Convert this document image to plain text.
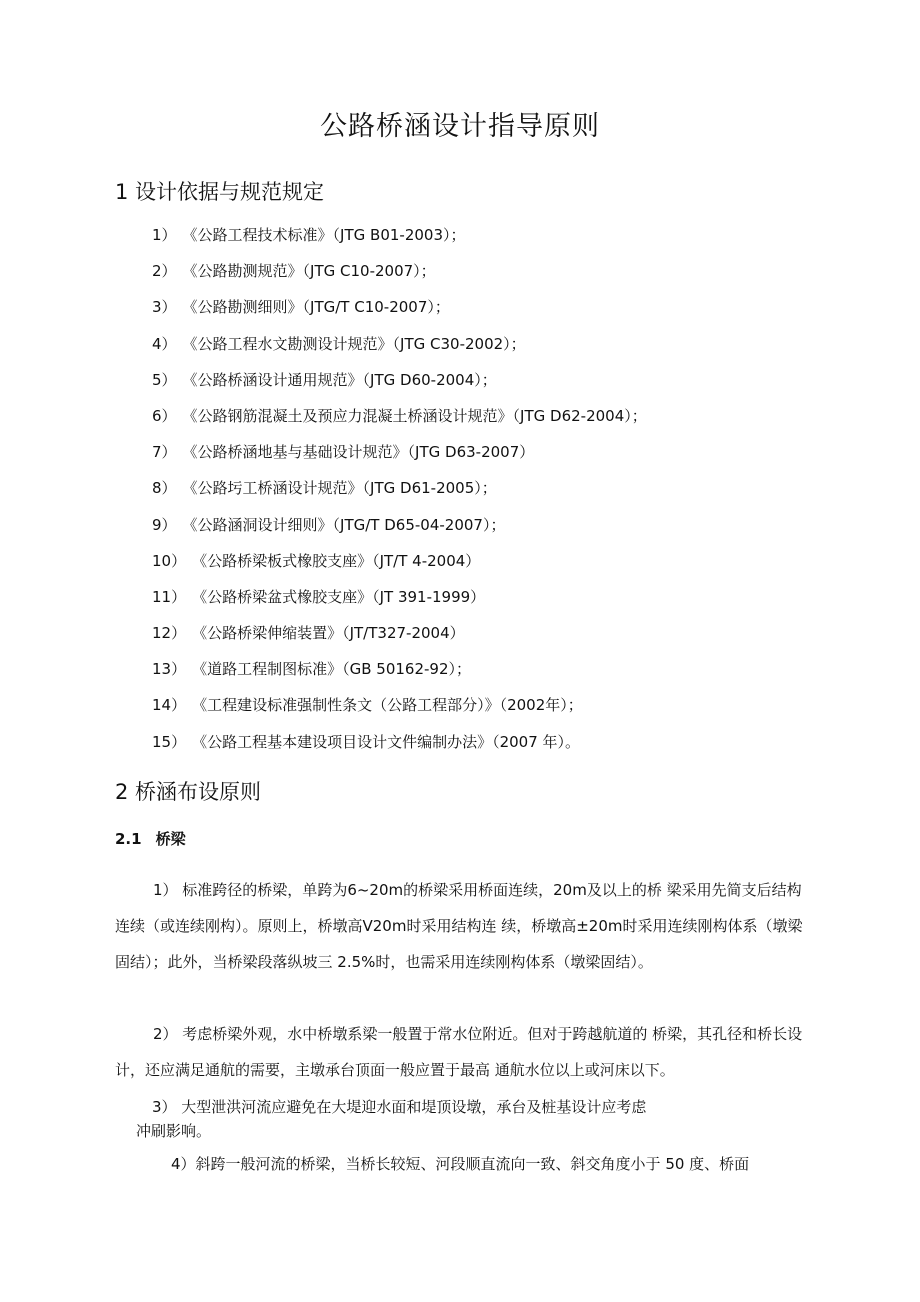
公路桥涵设计指导原则
1 设计依据与规范规定
1） 《公路工程技术标准》（JTG B01-2003）；
2） 《公路勘测规范》（JTG C10-2007）；
3） 《公路勘测细则》（JTG/T C10-2007）；
4） 《公路工程水文勘测设计规范》（JTG C30-2002）；
5） 《公路桥涵设计通用规范》（JTG D60-2004）；
6） 《公路钢筋混凝土及预应力混凝土桥涵设计规范》（JTG D62-2004）；
7） 《公路桥涵地基与基础设计规范》（JTG D63-2007）
8） 《公路圬工桥涵设计规范》（JTG D61-2005）；
9） 《公路涵洞设计细则》（JTG/T D65-04-2007）；
10） 《公路桥梁板式橡胶支座》（JT/T 4-2004）
11） 《公路桥梁盆式橡胶支座》（JT 391-1999）
12） 《公路桥梁伸缩装置》（JT/T327-2004）
13） 《道路工程制图标准》（GB 50162-92）；
14） 《工程建设标准强制性条文（公路工程部分）》（2002年）；
15） 《公路工程基本建设项目设计文件编制办法》（2007 年）。
2 桥涵布设原则
2.1 桥梁

1） 标准跨径的桥梁，单跨为6~20m的桥梁采用桥面连续，20m及以上的桥 梁采用先简支后结构连续（或连续刚构）。原则上，桥墩高V20m时采用结构连 续，桥墩高±20m时采用连续刚构体系（墩梁固结）；此外，当桥梁段落纵坡三 2.5%时，也需采用连续刚构体系（墩梁固结）。

2） 考虑桥梁外观，水中桥墩系梁一般置于常水位附近。但对于跨越航道的 桥梁，其孔径和桥长设计，还应满足通航的需要，主墩承台顶面一般应置于最高 通航水位以上或河床以下。

3） 大型泄洪河流应避免在大堤迎水面和堤顶设墩，承台及桩基设计应考虑
冲刷影响。

4）斜跨一般河流的桥梁，当桥长较短、河段顺直流向一致、斜交角度小于 50 度、桥面
